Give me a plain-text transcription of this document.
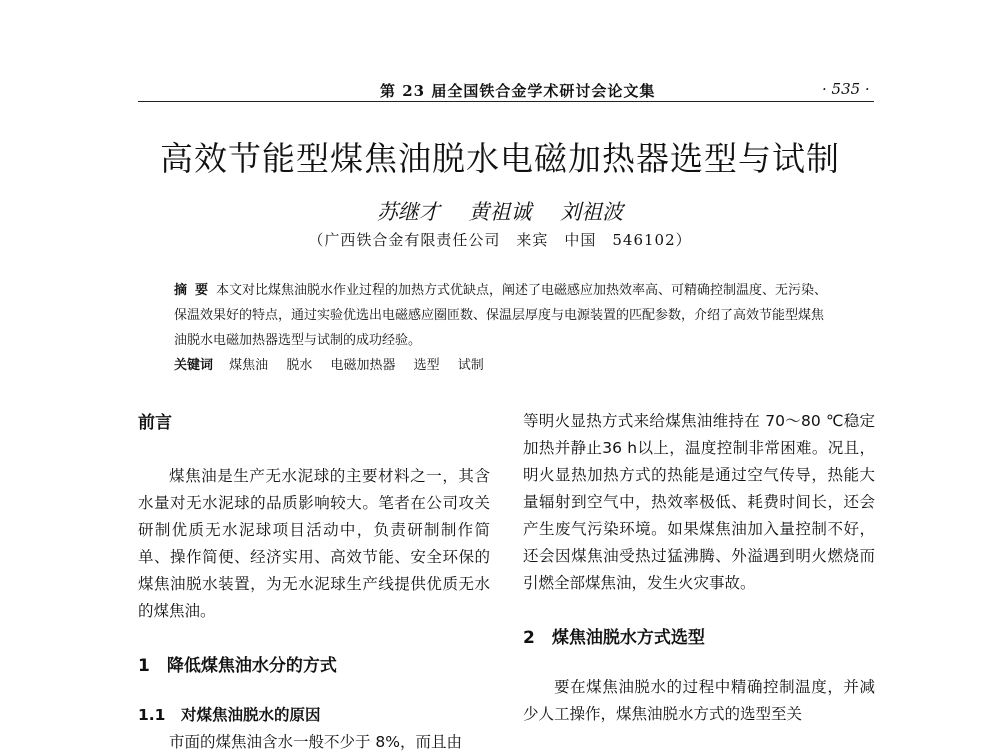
第 23 届全国铁合金学术研讨会论文集	· 535 ·
高效节能型煤焦油脱水电磁加热器选型与试制
苏继才 黄祖诚 刘祖波
（广西铁合金有限责任公司　来宾　中国　546102）
摘要本文对比煤焦油脱水作业过程的加热方式优缺点，阐述了电磁感应加热效率高、可精确控制温度、无污染、保温效果好的特点，通过实验优选出电磁感应圈匝数、保温层厚度与电源装置的匹配参数，介绍了高效节能型煤焦油脱水电磁加热器选型与试制的成功经验。
关键词 煤焦油 脱水 电磁加热器 选型 试制

前言

煤焦油是生产无水泥球的主要材料之一，其含水量对无水泥球的品质影响较大。笔者在公司攻关研制优质无水泥球项目活动中，负责研制制作简单、操作简便、经济实用、高效节能、安全环保的煤焦油脱水装置，为无水泥球生产线提供优质无水的煤焦油。

1　降低煤焦油水分的方式

1.1　对煤焦油脱水的原因

市面的煤焦油含水一般不少于 8%，而且由

等明火显热方式来给煤焦油维持在 70～80 ℃稳定加热并静止36 h以上，温度控制非常困难。况且，明火显热加热方式的热能是通过空气传导，热能大量辐射到空气中，热效率极低、耗费时间长，还会产生废气污染环境。如果煤焦油加入量控制不好，还会因煤焦油受热过猛沸腾、外溢遇到明火燃烧而引燃全部煤焦油，发生火灾事故。

2　煤焦油脱水方式选型

要在煤焦油脱水的过程中精确控制温度，并减少人工操作，煤焦油脱水方式的选型至关
